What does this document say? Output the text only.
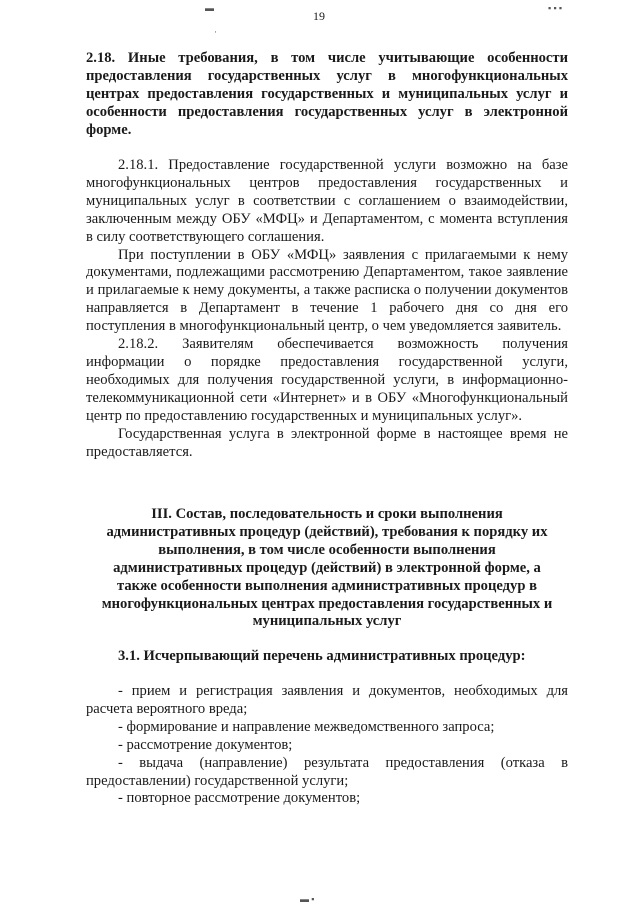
19
▬	▪ ▪ ▪
·
▬ ▪
2.18. Иные требования, в том числе учитывающие особенности предоставления государственных услуг в многофункциональных центрах предоставления государственных и муниципальных услуг и особенности предоставления государственных услуг в электронной форме.

2.18.1. Предоставление государственной услуги возможно на базе многофункциональных центров предоставления государственных и муниципальных услуг в соответствии с соглашением о взаимодействии, заключенным между ОБУ «МФЦ» и Департаментом, с момента вступления в силу соответствующего соглашения.

При поступлении в ОБУ «МФЦ» заявления с прилагаемыми к нему документами, подлежащими рассмотрению Департаментом, такое заявление и прилагаемые к нему документы, а также расписка о получении документов направляется в Департамент в течение 1 рабочего дня со дня его поступления в многофункциональный центр, о чем уведомляется заявитель.

2.18.2. Заявителям обеспечивается возможность получения информации о порядке предоставления государственной услуги, необходимых для получения государственной услуги, в информационно-телекоммуникационной сети «Интернет» и в ОБУ «Многофункциональный центр по предоставлению государственных и муниципальных услуг».

Государственная услуга в электронной форме в настоящее время не предоставляется.

III. Состав, последовательность и сроки выполнения административных процедур (действий), требования к порядку их выполнения, в том числе особенности выполнения административных процедур (действий) в электронной форме, а также особенности выполнения административных процедур в многофункциональных центрах предоставления государственных и муниципальных услуг
3.1. Исчерпывающий перечень административных процедур:

- прием и регистрация заявления и документов, необходимых для расчета вероятного вреда;

- формирование и направление межведомственного запроса;

- рассмотрение документов;

- выдача (направление) результата предоставления (отказа в предоставлении) государственной услуги;

- повторное рассмотрение документов;
